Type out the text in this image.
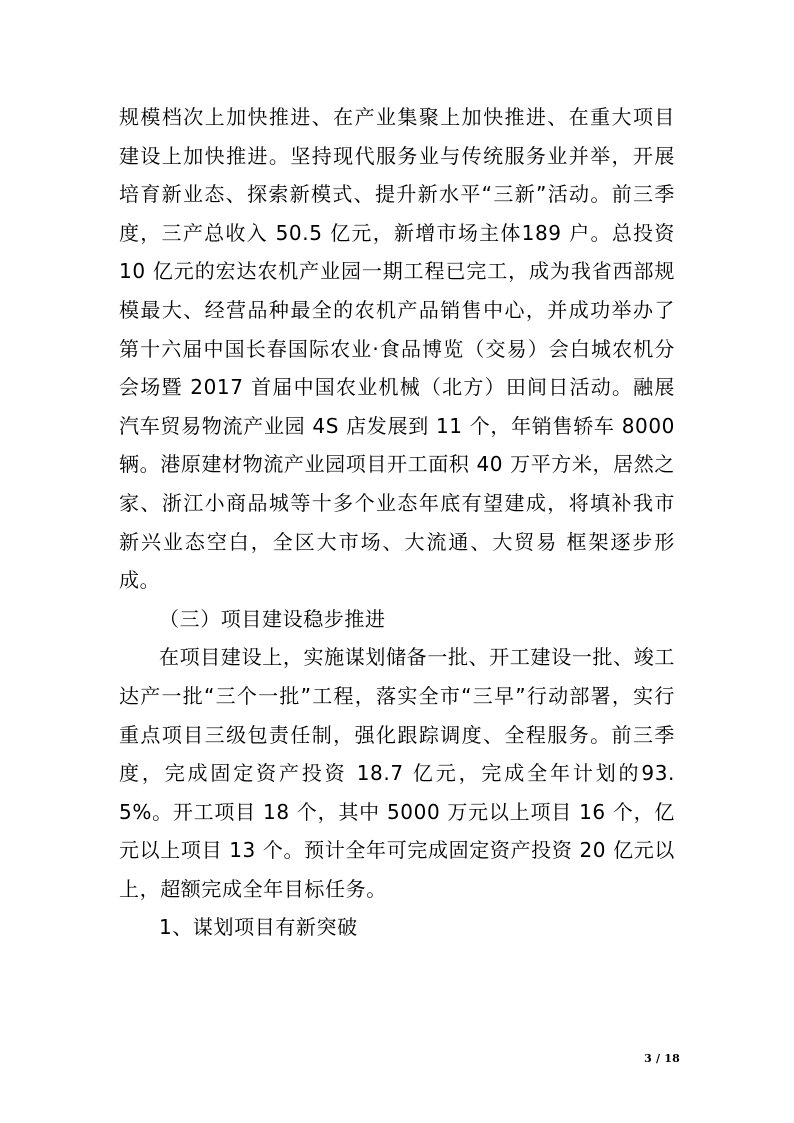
规模档次上加快推进、在产业集聚上加快推进、在重大项目建设上加快推进。坚持现代服务业与传统服务业并举，开展培育新业态、探索新模式、提升新水平“三新”活动。前三季度，三产总收入 50.5 亿元，新增市场主体189 户。总投资 10 亿元的宏达农机产业园一期工程已完工，成为我省西部规模最大、经营品种最全的农机产品销售中心，并成功举办了第十六届中国长春国际农业·食品博览（交易）会白城农机分会场暨 2017 首届中国农业机械（北方）田间日活动。融展汽车贸易物流产业园 4S 店发展到 11 个，年销售轿车 8000辆。港原建材物流产业园项目开工面积 40 万平方米，居然之家、浙江小商品城等十多个业态年底有望建成，将填补我市新兴业态空白，全区大市场、大流通、大贸易 框架逐步形成。

（三）项目建设稳步推进

在项目建设上，实施谋划储备一批、开工建设一批、竣工达产一批“三个一批”工程，落实全市“三早”行动部署，实行重点项目三级包责任制，强化跟踪调度、全程服务。前三季度，完成固定资产投资 18.7 亿元，完成全年计划的93.5%。开工项目 18 个，其中 5000 万元以上项目 16 个，亿元以上项目 13 个。预计全年可完成固定资产投资 20 亿元以上，超额完成全年目标任务。

1、谋划项目有新突破

3 / 18
